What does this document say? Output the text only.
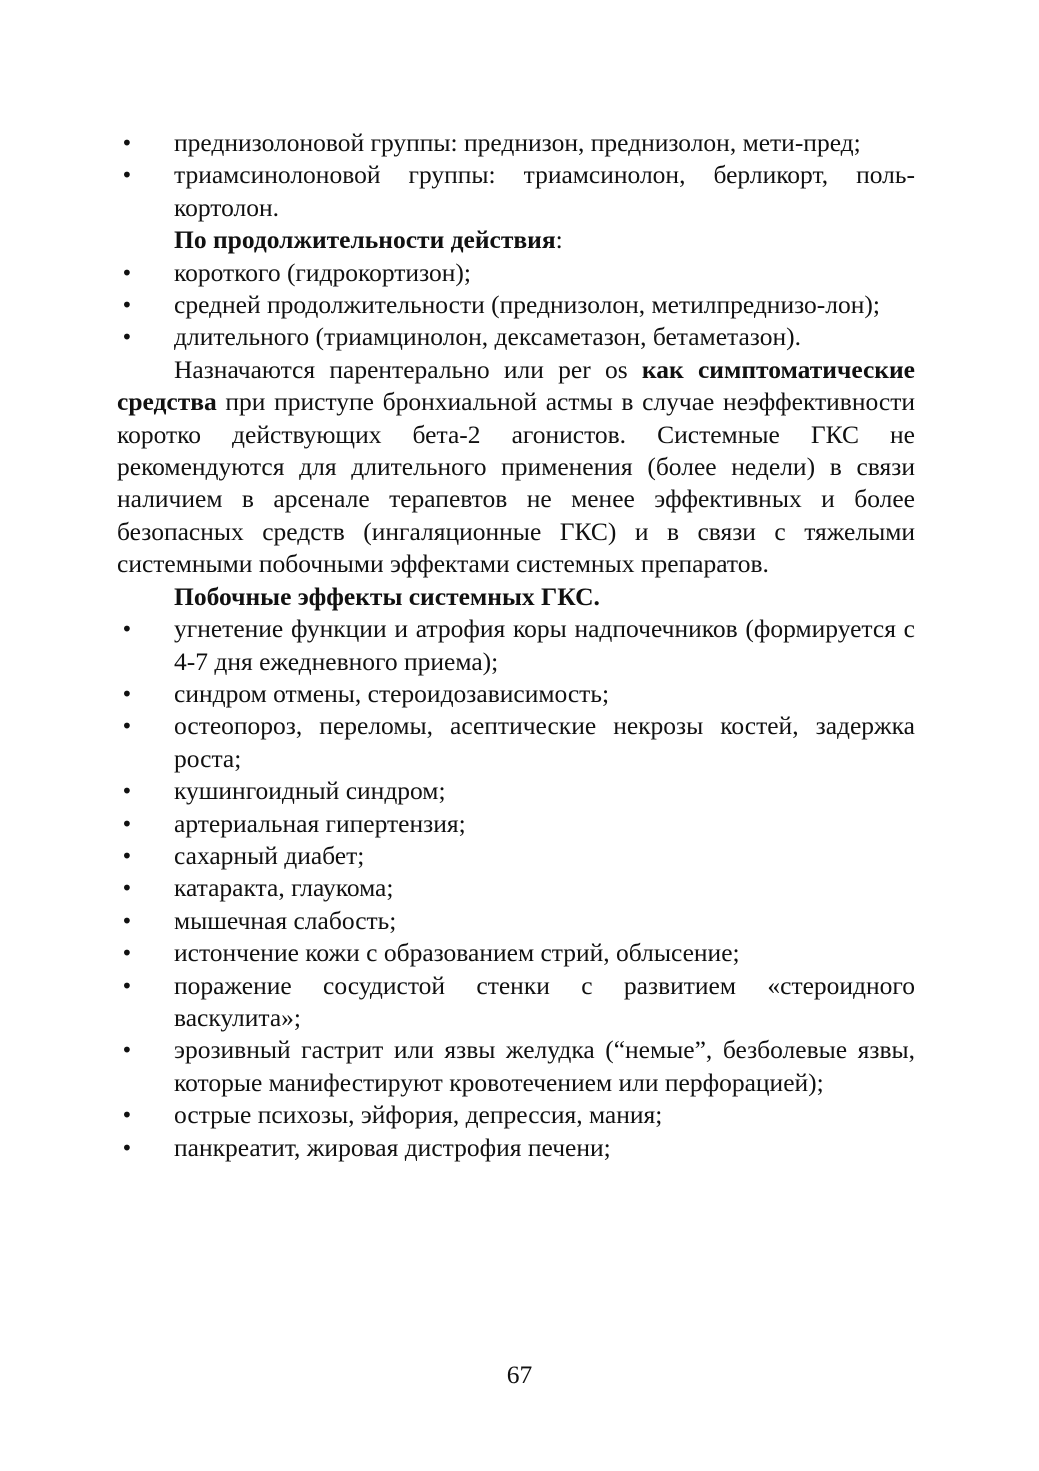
• преднизолоновой группы: преднизон, преднизолон, мети-пред;
• триамсинолоновой группы: триамсинолон, берликорт, поль-кортолон.

По продолжительности действия:

• короткого (гидрокортизон);
• средней продолжительности (преднизолон, метилпреднизо-лон);
• длительного (триамцинолон, дексаметазон, бетаметазон).

Назначаются парентерально или per os как симптоматические средства при приступе бронхиальной астмы в случае неэффективности коротко действующих бета-2 агонистов. Системные ГКС не рекомендуются для длительного применения (более недели) в связи наличием в арсенале терапевтов не менее эффективных и более безопасных средств (ингаляционные ГКС) и в связи с тяжелыми системными побочными эффектами системных препаратов.

Побочные эффекты системных ГКС.

• угнетение функции и атрофия коры надпочечников (формируется с 4-7 дня ежедневного приема);
• синдром отмены, стероидозависимость;
• остеопороз, переломы, асептические некрозы костей, задержка роста;
• кушингоидный синдром;
• артериальная гипертензия;
• сахарный диабет;
• катаракта, глаукома;
• мышечная слабость;
• истончение кожи с образованием стрий, облысение;
• поражение сосудистой стенки с развитием «стероидного васкулита»;
• эрозивный гастрит или язвы желудка (“немые”, безболевые язвы, которые манифестируют кровотечением или перфорацией);
• острые психозы, эйфория, депрессия, мания;
• панкреатит, жировая дистрофия печени;
67
